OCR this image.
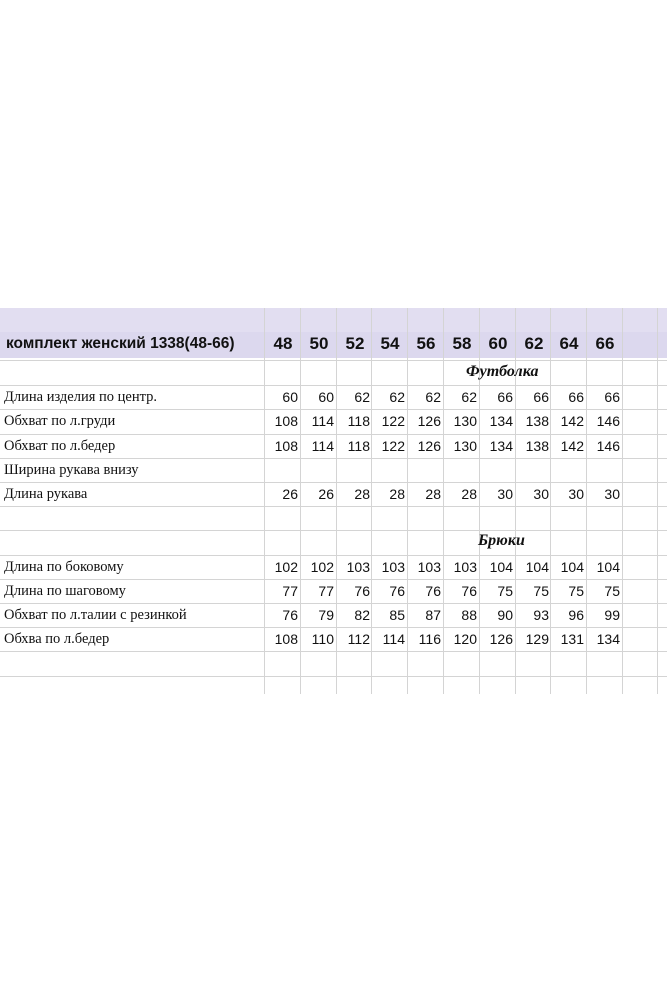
комплект женский 1338(48-66)	48	50	52 54	56	58	60	62 64	66
Футболка
Длина изделия по центр.	60	60	62	62	62	62	66	66	66	66
Обхват по л.груди	108 114 118 122 126 130 134 138 142 146
Обхват по л.бедер	108 114 118 122 126 130 134 138 142 146
Ширина рукава внизу
Длина рукава	26	26	28	28	28	28	30	30	30	30
Брюки
Длина по боковому	102 102 103 103 103 103 104 104 104 104
Длина по шаговому	77	77	76	76	76	76	75	75	75	75
Обхват по л.талии с резинкой	76	79	82	85	87	88	90	93	96	99
Обхва по л.бедер	108 110 112 114 116 120 126 129 131 134
